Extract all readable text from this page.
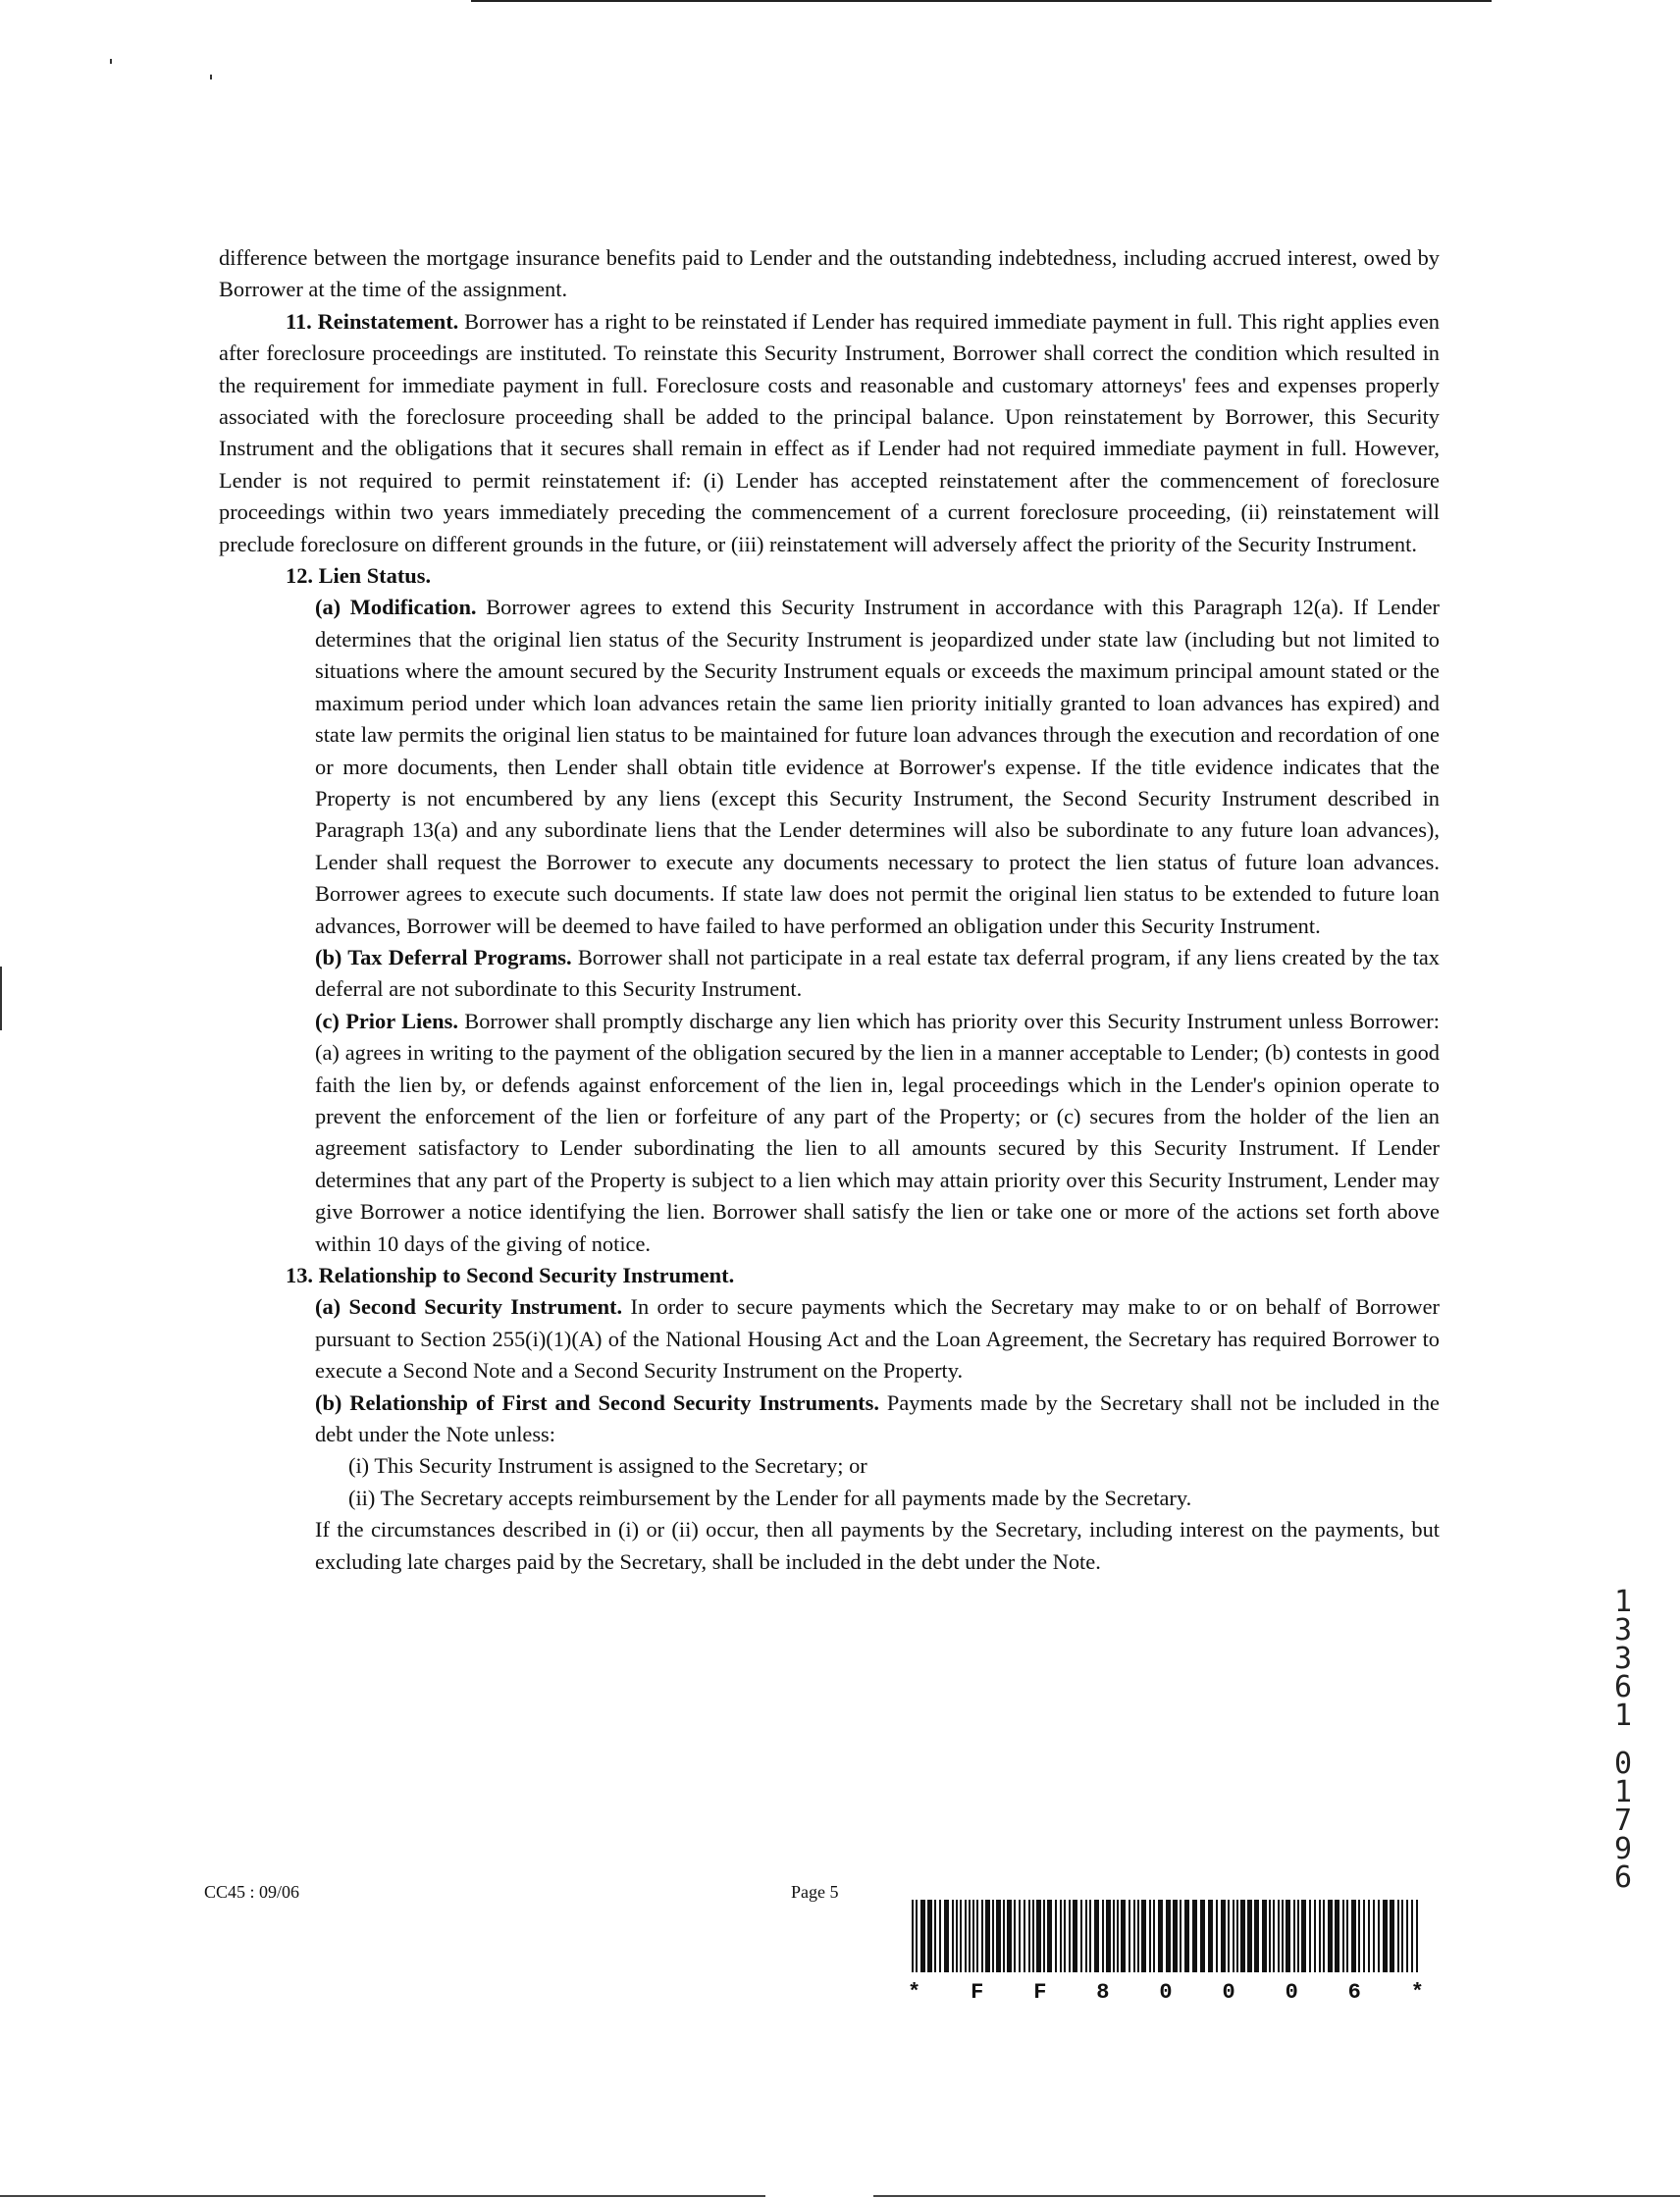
difference between the mortgage insurance benefits paid to Lender and the outstanding indebtedness, including accrued interest, owed by Borrower at the time of the assignment.

11. Reinstatement. Borrower has a right to be reinstated if Lender has required immediate payment in full. This right applies even after foreclosure proceedings are instituted. To reinstate this Security Instrument, Borrower shall correct the condition which resulted in the requirement for immediate payment in full. Foreclosure costs and reasonable and customary attorneys' fees and expenses properly associated with the foreclosure proceeding shall be added to the principal balance. Upon reinstatement by Borrower, this Security Instrument and the obligations that it secures shall remain in effect as if Lender had not required immediate payment in full. However, Lender is not required to permit reinstatement if: (i) Lender has accepted reinstatement after the commencement of foreclosure proceedings within two years immediately preceding the commencement of a current foreclosure proceeding, (ii) reinstatement will preclude foreclosure on different grounds in the future, or (iii) reinstatement will adversely affect the priority of the Security Instrument.

12. Lien Status.

(a) Modification. Borrower agrees to extend this Security Instrument in accordance with this Paragraph 12(a). If Lender determines that the original lien status of the Security Instrument is jeopardized under state law (including but not limited to situations where the amount secured by the Security Instrument equals or exceeds the maximum principal amount stated or the maximum period under which loan advances retain the same lien priority initially granted to loan advances has expired) and state law permits the original lien status to be maintained for future loan advances through the execution and recordation of one or more documents, then Lender shall obtain title evidence at Borrower's expense. If the title evidence indicates that the Property is not encumbered by any liens (except this Security Instrument, the Second Security Instrument described in Paragraph 13(a) and any subordinate liens that the Lender determines will also be subordinate to any future loan advances), Lender shall request the Borrower to execute any documents necessary to protect the lien status of future loan advances. Borrower agrees to execute such documents. If state law does not permit the original lien status to be extended to future loan advances, Borrower will be deemed to have failed to have performed an obligation under this Security Instrument.

(b) Tax Deferral Programs. Borrower shall not participate in a real estate tax deferral program, if any liens created by the tax deferral are not subordinate to this Security Instrument.

(c) Prior Liens. Borrower shall promptly discharge any lien which has priority over this Security Instrument unless Borrower: (a) agrees in writing to the payment of the obligation secured by the lien in a manner acceptable to Lender; (b) contests in good faith the lien by, or defends against enforcement of the lien in, legal proceedings which in the Lender's opinion operate to prevent the enforcement of the lien or forfeiture of any part of the Property; or (c) secures from the holder of the lien an agreement satisfactory to Lender subordinating the lien to all amounts secured by this Security Instrument. If Lender determines that any part of the Property is subject to a lien which may attain priority over this Security Instrument, Lender may give Borrower a notice identifying the lien. Borrower shall satisfy the lien or take one or more of the actions set forth above within 10 days of the giving of notice.

13. Relationship to Second Security Instrument.

(a) Second Security Instrument. In order to secure payments which the Secretary may make to or on behalf of Borrower pursuant to Section 255(i)(1)(A) of the National Housing Act and the Loan Agreement, the Secretary has required Borrower to execute a Second Note and a Second Security Instrument on the Property.

(b) Relationship of First and Second Security Instruments. Payments made by the Secretary shall not be included in the debt under the Note unless:

(i) This Security Instrument is assigned to the Secretary; or

(ii) The Secretary accepts reimbursement by the Lender for all payments made by the Secretary.

If the circumstances described in (i) or (ii) occur, then all payments by the Secretary, including interest on the payments, but excluding late charges paid by the Secretary, shall be included in the debt under the Note.

CC45 : 09/06	Page 5
* F F 8 0 0 0 6 *
1
3
3
6
1
0
1
7
9
6
